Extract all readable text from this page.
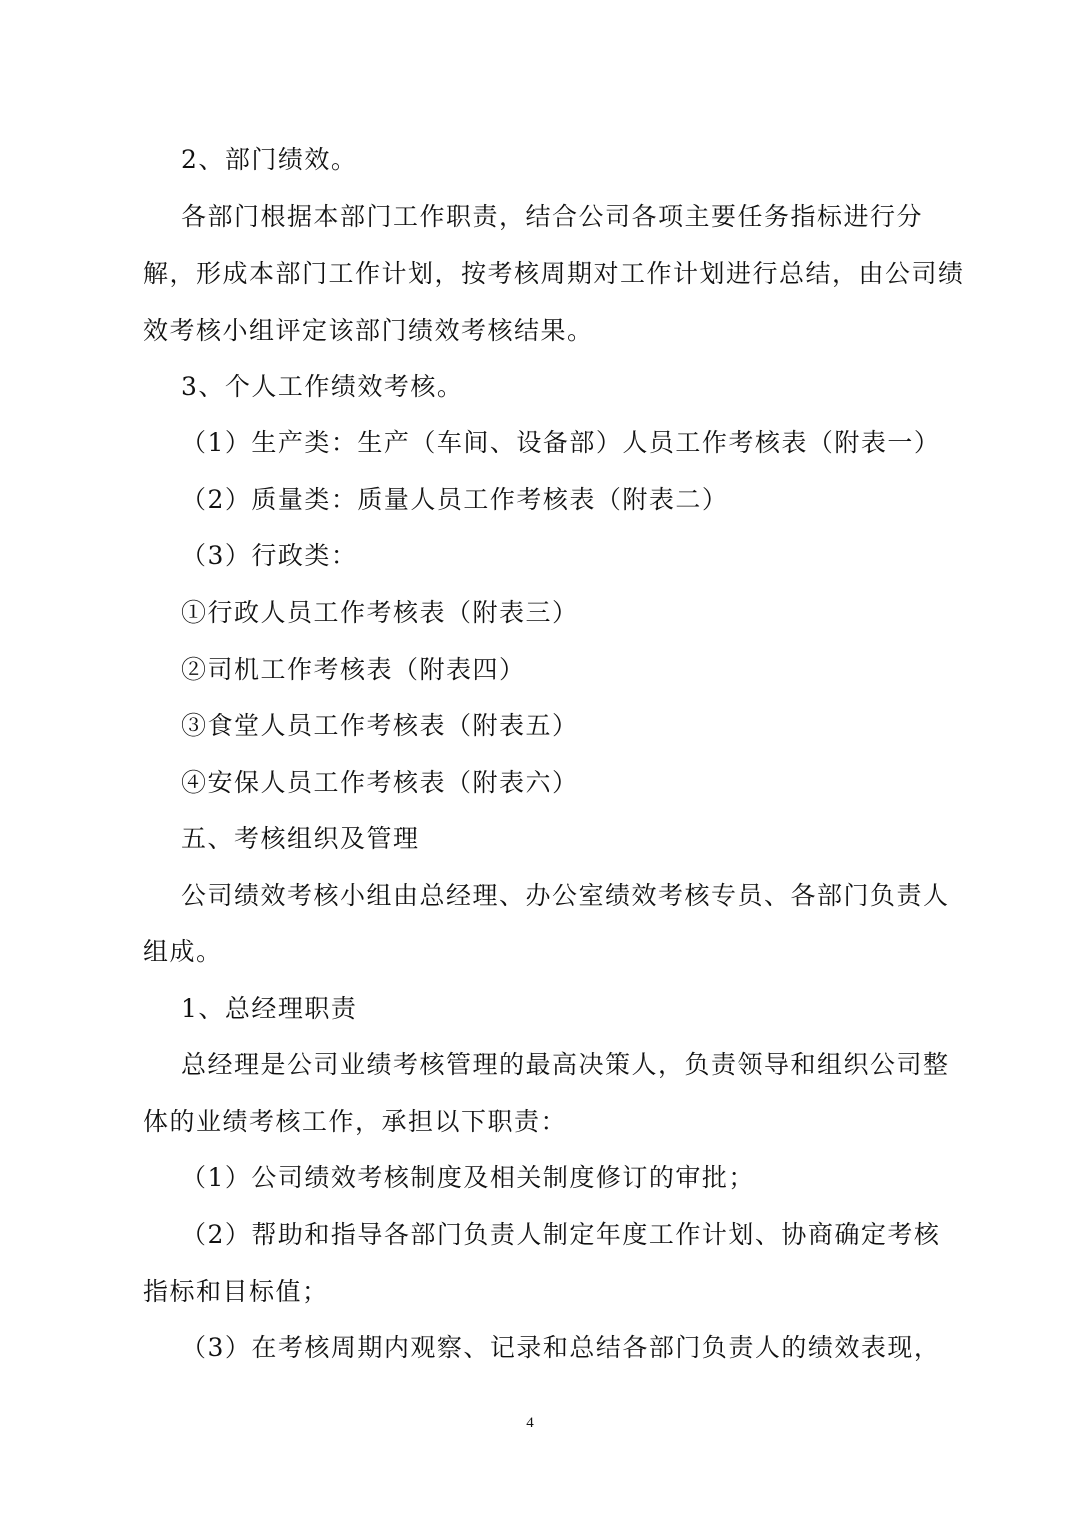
2、部门绩效。
各部门根据本部门工作职责，结合公司各项主要任务指标进行分
解，形成本部门工作计划，按考核周期对工作计划进行总结，由公司绩
效考核小组评定该部门绩效考核结果。
3、个人工作绩效考核。
（1）生产类：生产（车间、设备部）人员工作考核表（附表一）
（2）质量类：质量人员工作考核表（附表二）
（3）行政类：
①行政人员工作考核表（附表三）
②司机工作考核表（附表四）
③食堂人员工作考核表（附表五）
④安保人员工作考核表（附表六）
五、考核组织及管理
公司绩效考核小组由总经理、办公室绩效考核专员、各部门负责人
组成。
1、总经理职责
总经理是公司业绩考核管理的最高决策人，负责领导和组织公司整
体的业绩考核工作，承担以下职责：
（1）公司绩效考核制度及相关制度修订的审批；
（2）帮助和指导各部门负责人制定年度工作计划、协商确定考核
指标和目标值；
（3）在考核周期内观察、记录和总结各部门负责人的绩效表现，
4
